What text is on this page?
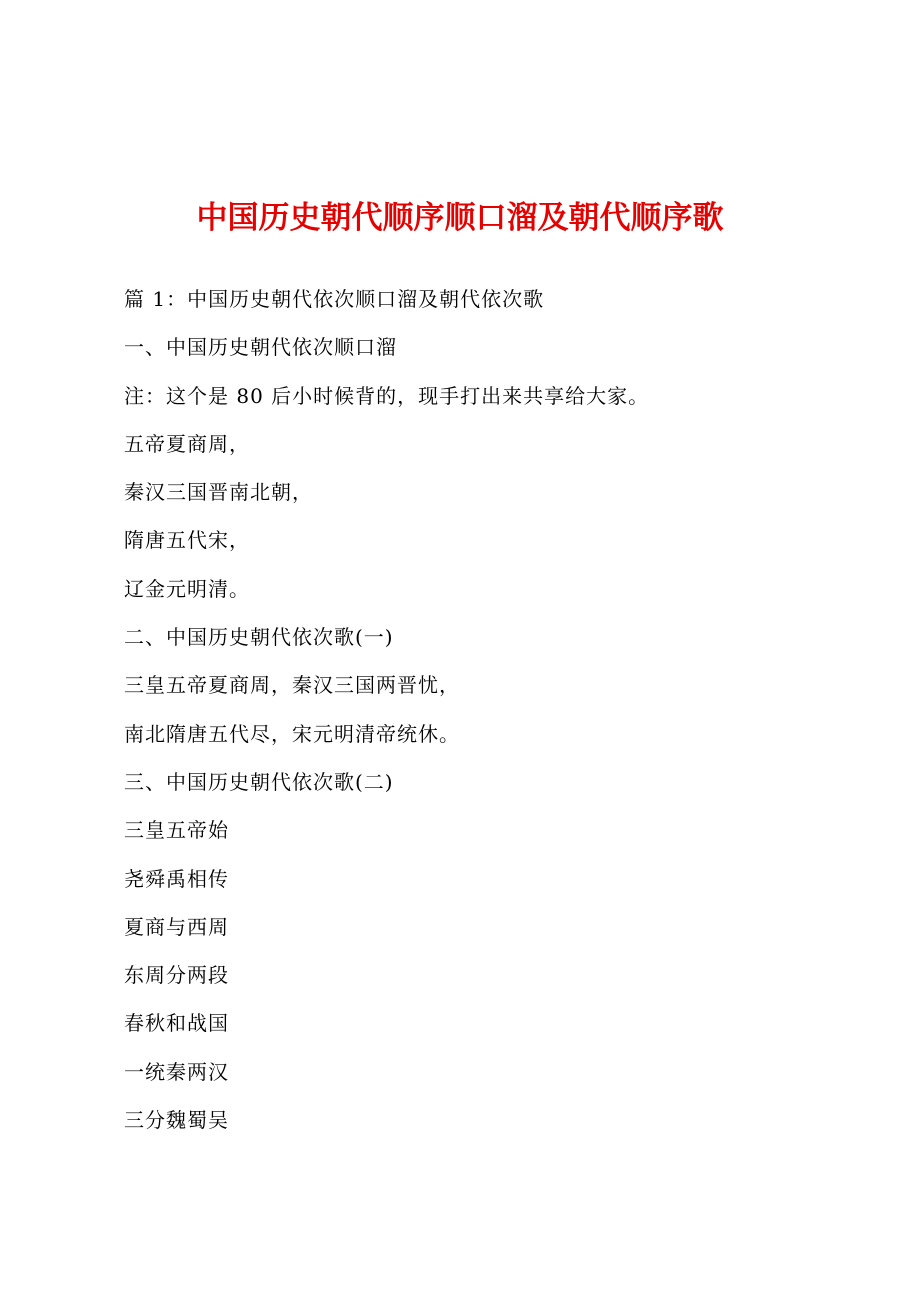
中国历史朝代顺序顺口溜及朝代顺序歌
篇 1：中国历史朝代依次顺口溜及朝代依次歌
一、中国历史朝代依次顺口溜
注：这个是 80 后小时候背的，现手打出来共享给大家。
五帝夏商周，
秦汉三国晋南北朝，
隋唐五代宋，
辽金元明清。
二、中国历史朝代依次歌(一)
三皇五帝夏商周，秦汉三国两晋忧，
南北隋唐五代尽，宋元明清帝统休。
三、中国历史朝代依次歌(二)
三皇五帝始
尧舜禹相传
夏商与西周
东周分两段
春秋和战国
一统秦两汉
三分魏蜀吴
